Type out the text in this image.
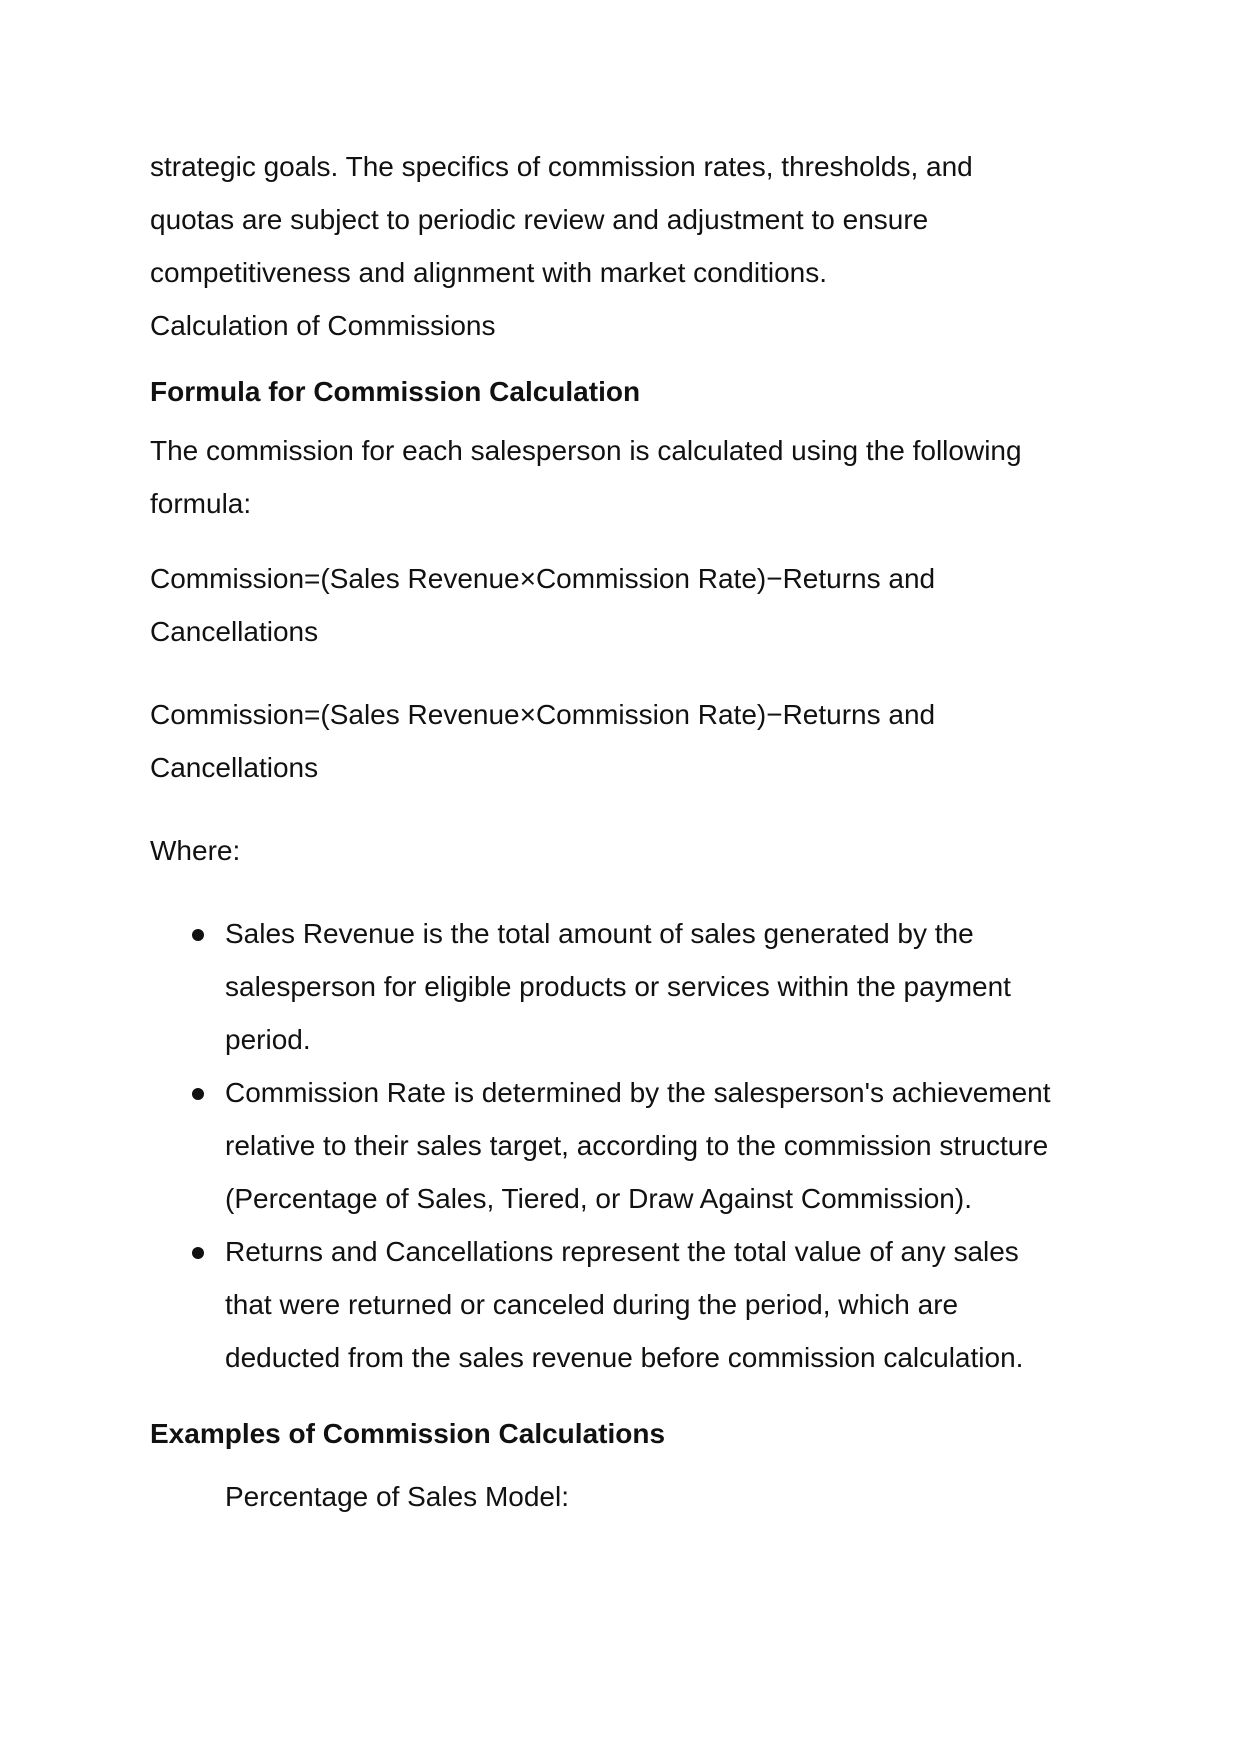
strategic goals. The specifics of commission rates, thresholds, and
quotas are subject to periodic review and adjustment to ensure
competitiveness and alignment with market conditions.
Calculation of Commissions
Formula for Commission Calculation
The commission for each salesperson is calculated using the following
formula:
Commission=(Sales Revenue×Commission Rate)−Returns and
Cancellations
Commission=(Sales Revenue×Commission Rate)−Returns and
Cancellations
Where:
Sales Revenue is the total amount of sales generated by the
salesperson for eligible products or services within the payment
period.
Commission Rate is determined by the salesperson's achievement
relative to their sales target, according to the commission structure
(Percentage of Sales, Tiered, or Draw Against Commission).
Returns and Cancellations represent the total value of any sales
that were returned or canceled during the period, which are
deducted from the sales revenue before commission calculation.
Examples of Commission Calculations
Percentage of Sales Model:
